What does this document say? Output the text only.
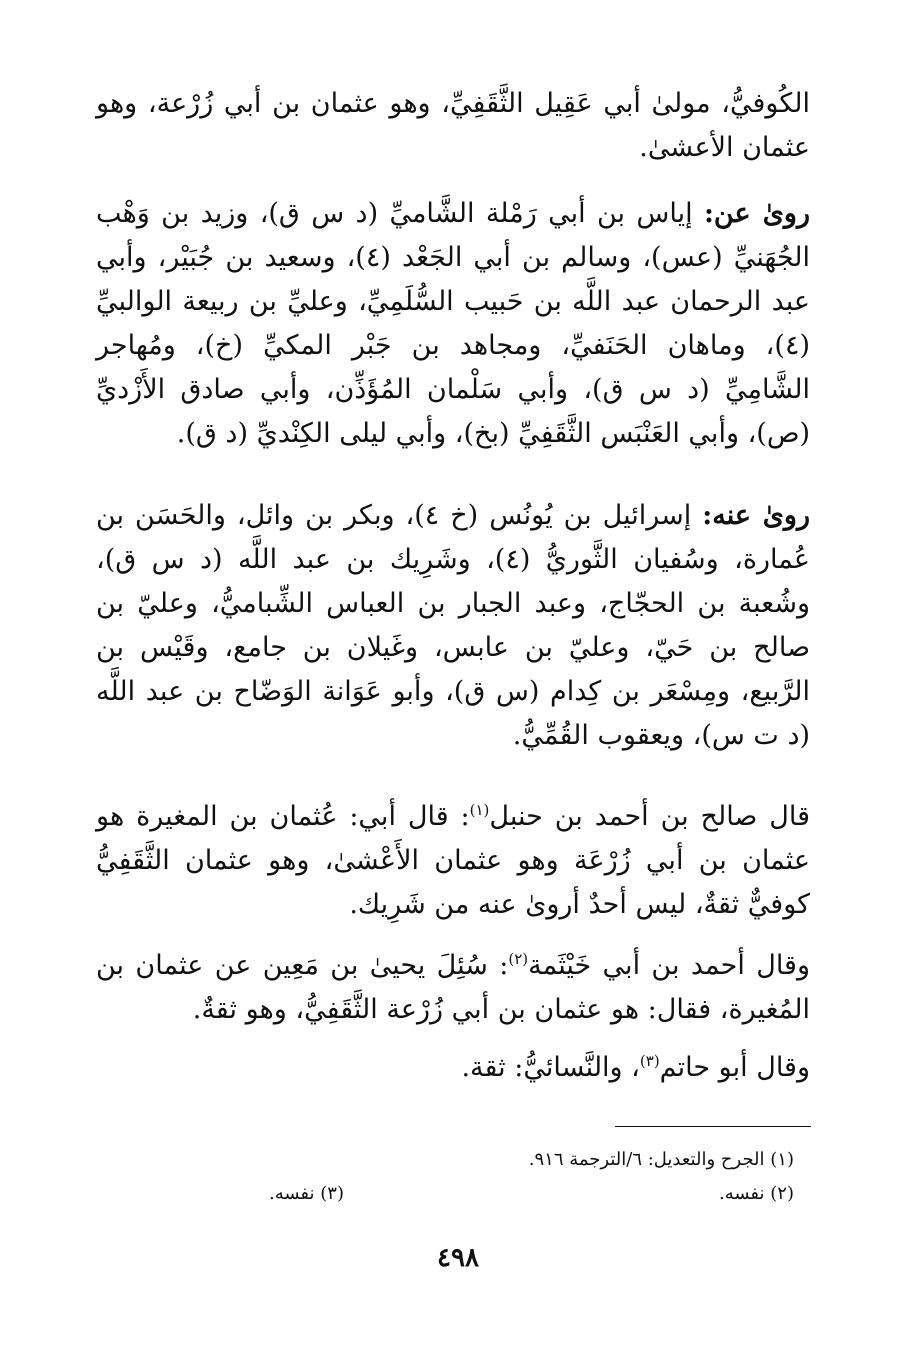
الكُوفيُّ، مولىٰ أبي عَقِيل الثَّقَفِيِّ، وهو عثمان بن أبي زُرْعة، وهو عثمان الأعشىٰ.

روىٰ عن: إياس بن أبي رَمْلة الشَّاميِّ (د س ق)، وزيد بن وَهْب الجُهَنيِّ (عس)، وسالم بن أبي الجَعْد (٤)، وسعيد بن جُبَيْر، وأبي عبد الرحمان عبد اللَّه بن حَبيب السُّلَمِيِّ، وعليِّ بن ربيعة الوالبيِّ (٤)، وماهان الحَنَفيِّ، ومجاهد بن جَبْر المكيِّ (خ)، ومُهاجر الشَّامِيِّ (د س ق)، وأبي سَلْمان المُؤَذِّن، وأبي صادق الأَزْديِّ (ص)، وأبي العَنْبَس الثَّقَفِيِّ (بخ)، وأبي ليلى الكِنْديِّ (د ق).

روىٰ عنه: إسرائيل بن يُونُس (خ ٤)، وبكر بن وائل، والحَسَن بن عُمارة، وسُفيان الثَّوريُّ (٤)، وشَرِيك بن عبد اللَّه (د س ق)، وشُعبة بن الحجّاج، وعبد الجبار بن العباس الشِّباميُّ، وعليّ بن صالح بن حَيّ، وعليّ بن عابس، وغَيلان بن جامع، وقَيْس بن الرَّبيع، ومِسْعَر بن كِدام (س ق)، وأبو عَوَانة الوَضّاح بن عبد اللَّه (د ت س)، ويعقوب القُمِّيُّ.

قال صالح بن أحمد بن حنبل$^{(١)}$: قال أبي: عُثمان بن المغيرة هو عثمان بن أبي زُرْعَة وهو عثمان الأَعْشىٰ، وهو عثمان الثَّقَفِيُّ كوفيٌّ ثقةٌ، ليس أحدٌ أروىٰ عنه من شَرِيك.

وقال أحمد بن أبي خَيْثَمة$^{(٢)}$: سُئِلَ يحيىٰ بن مَعِين عن عثمان بن المُغيرة، فقال: هو عثمان بن أبي زُرْعة الثَّقَفِيُّ، وهو ثقةٌ.

وقال أبو حاتم$^{(٣)}$، والنَّسائيُّ: ثقة.

(١) الجرح والتعديل: ٦/الترجمة ٩١٦.
(٢) نفسه.
(٣) نفسه.
٤٩٨
